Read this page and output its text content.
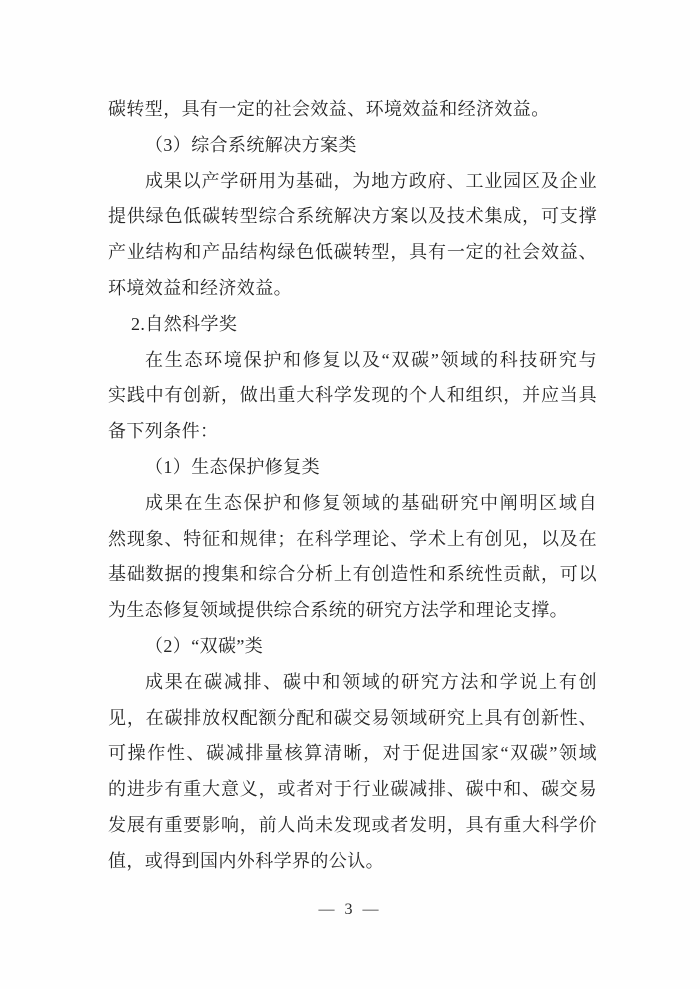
碳转型，具有一定的社会效益、环境效益和经济效益。
（3）综合系统解决方案类
成果以产学研用为基础，为地方政府、工业园区及企业
提供绿色低碳转型综合系统解决方案以及技术集成，可支撑
产业结构和产品结构绿色低碳转型，具有一定的社会效益、
环境效益和经济效益。
2.自然科学奖
在生态环境保护和修复以及“双碳”领域的科技研究与
实践中有创新，做出重大科学发现的个人和组织，并应当具
备下列条件：
（1）生态保护修复类
成果在生态保护和修复领域的基础研究中阐明区域自
然现象、特征和规律；在科学理论、学术上有创见，以及在
基础数据的搜集和综合分析上有创造性和系统性贡献，可以
为生态修复领域提供综合系统的研究方法学和理论支撑。
（2）“双碳”类
成果在碳减排、碳中和领域的研究方法和学说上有创
见，在碳排放权配额分配和碳交易领域研究上具有创新性、
可操作性、碳减排量核算清晰，对于促进国家“双碳”领域
的进步有重大意义，或者对于行业碳减排、碳中和、碳交易
发展有重要影响，前人尚未发现或者发明，具有重大科学价
值，或得到国内外科学界的公认。
— 3 —
